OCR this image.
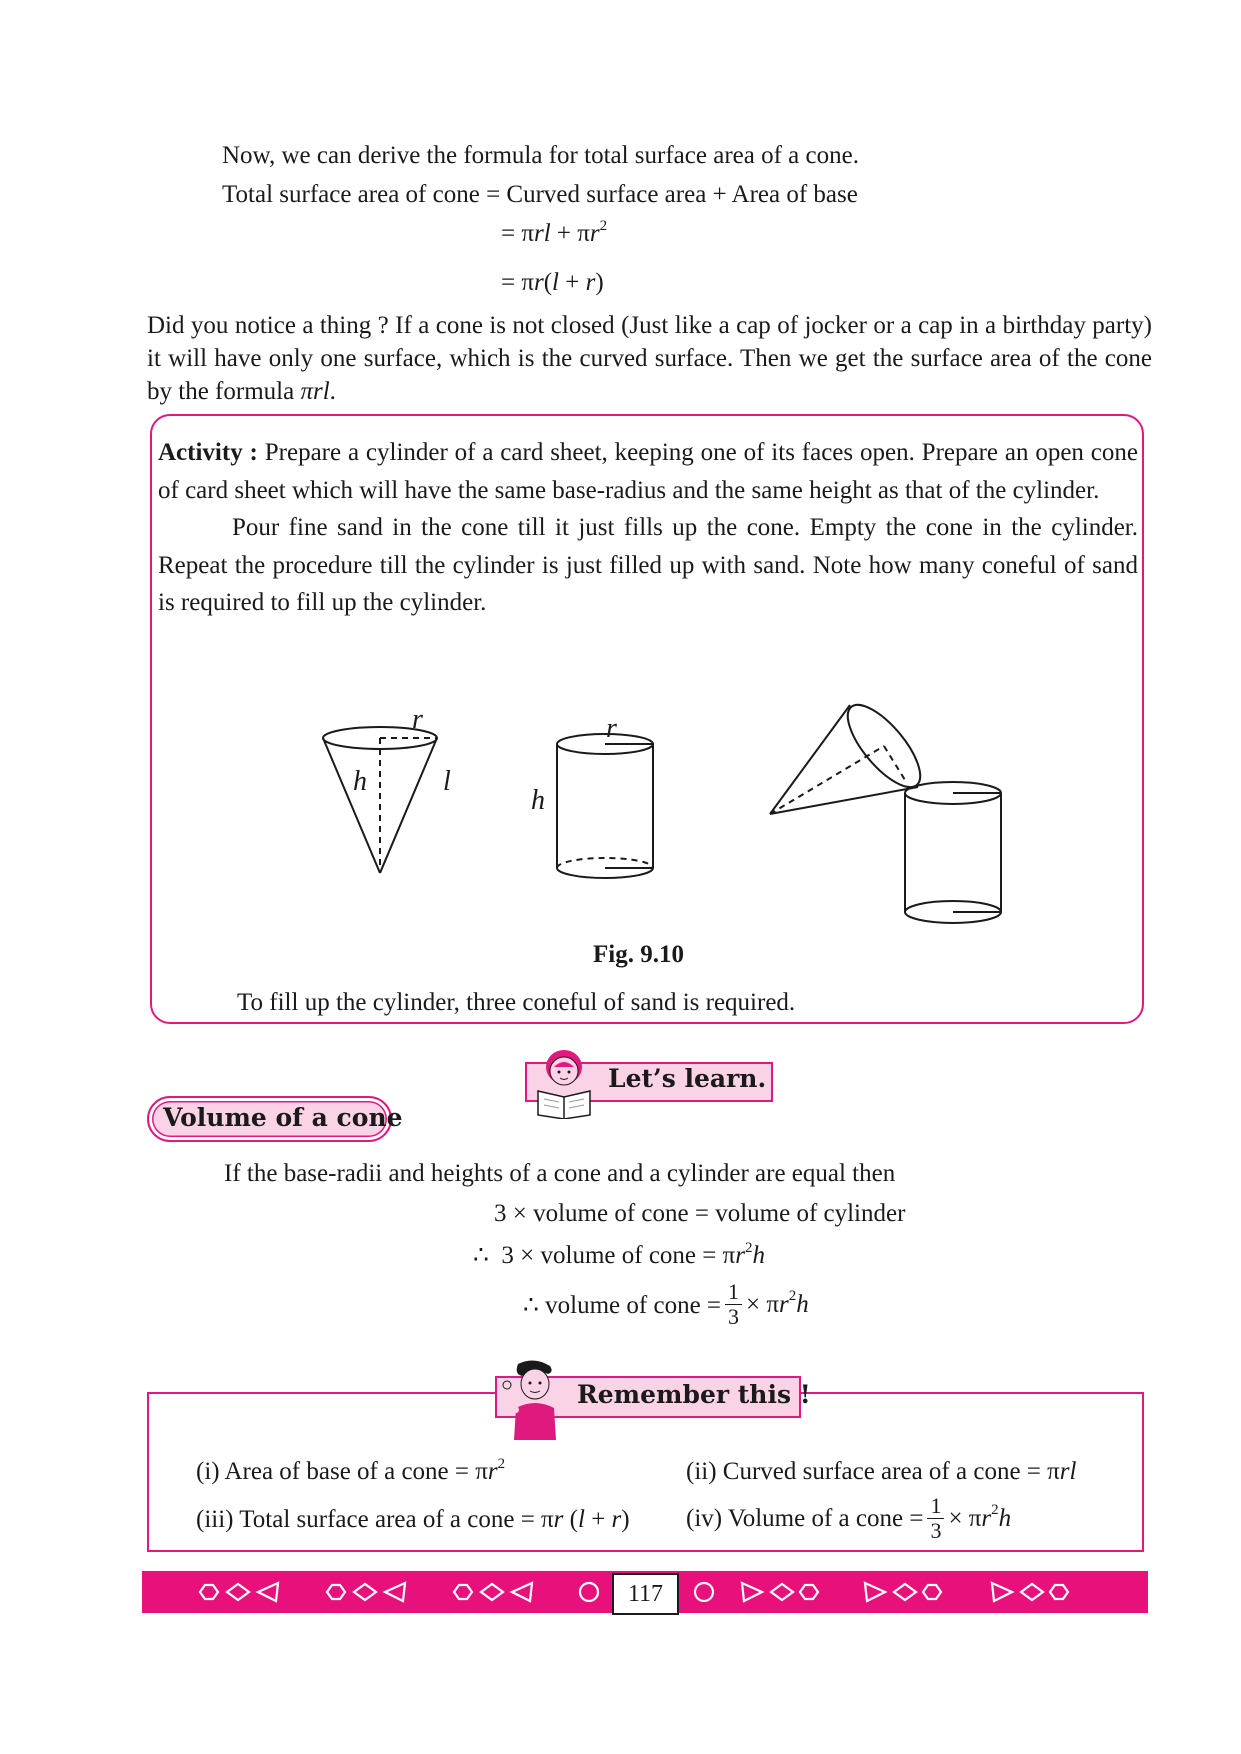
Now, we can derive the formula for total surface area of a cone.
Total surface area of cone = Curved surface area + Area of base
= $\pi rl + \pi r^2$
= πr(l + r)
Did you notice a thing ? If a cone is not closed (Just like a cap of jocker or a cap in a birthday party) it will have only one surface, which is the curved surface. Then we get the surface area of the cone by the formula πrl.

Activity : Prepare a cylinder of a card sheet, keeping one of its faces open. Prepare an open cone of card sheet which will have the same base-radius and the same height as that of the cylinder.

Pour fine sand in the cone till it just fills up the cone. Empty the cone in the cylinder. Repeat the procedure till the cylinder is just filled up with sand. Note how many coneful of sand is required to fill up the cylinder.

r
h	l
r
h
Fig. 9.10
To fill up the cylinder, three coneful of sand is required.
Let’s learn.
Volume of a cone
If the base-radii and heights of a cone and a cylinder are equal then
3 × volume of cone = volume of cylinder
∴  3 × volume of cone = $\pi r^2h$
∴ volume of cone = $\frac{1}{3} \times \pi r^2h$
Remember this !
(i) Area of base of a cone = $\pi r^2$	(ii) Curved surface area of a cone = πrl
(iii) Total surface area of a cone = πr (l + r) (iv) Volume of a cone = $\frac{1}{3} \times \pi r^2h$
117
